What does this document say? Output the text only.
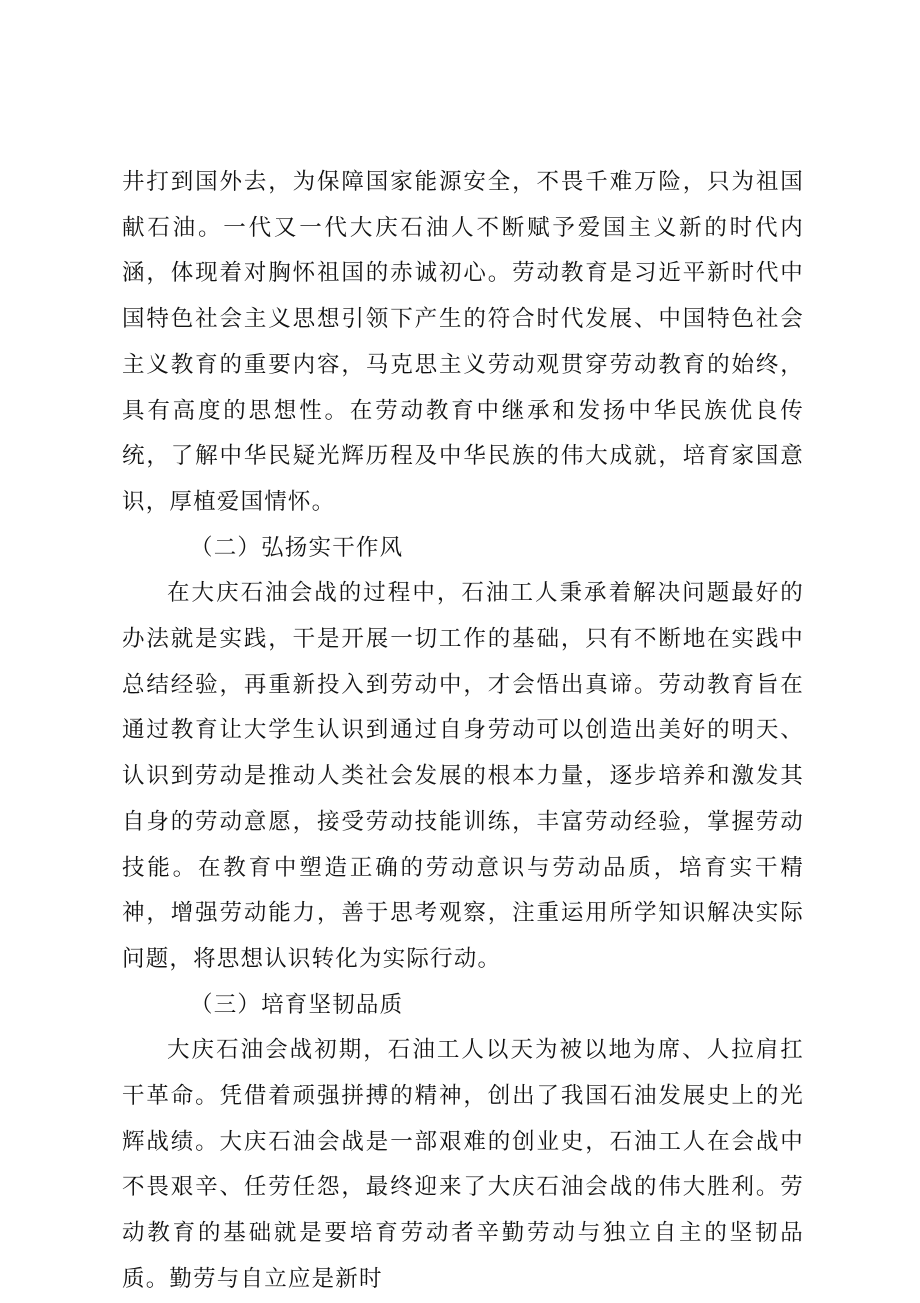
井打到国外去，为保障国家能源安全，不畏千难万险，只为祖国献石油。一代又一代大庆石油人不断赋予爱国主义新的时代内涵，体现着对胸怀祖国的赤诚初心。劳动教育是习近平新时代中国特色社会主义思想引领下产生的符合时代发展、中国特色社会主义教育的重要内容，马克思主义劳动观贯穿劳动教育的始终，具有高度的思想性。在劳动教育中继承和发扬中华民族优良传统，了解中华民疑光辉历程及中华民族的伟大成就，培育家国意识，厚植爱国情怀。

（二）弘扬实干作风

在大庆石油会战的过程中，石油工人秉承着解决问题最好的办法就是实践，干是开展一切工作的基础，只有不断地在实践中总结经验，再重新投入到劳动中，才会悟出真谛。劳动教育旨在通过教育让大学生认识到通过自身劳动可以创造出美好的明天、认识到劳动是推动人类社会发展的根本力量，逐步培养和激发其自身的劳动意愿，接受劳动技能训练，丰富劳动经验，掌握劳动技能。在教育中塑造正确的劳动意识与劳动品质，培育实干精神，增强劳动能力，善于思考观察，注重运用所学知识解决实际问题，将思想认识转化为实际行动。

（三）培育坚韧品质

大庆石油会战初期，石油工人以天为被以地为席、人拉肩扛干革命。凭借着顽强拼搏的精神，创出了我国石油发展史上的光辉战绩。大庆石油会战是一部艰难的创业史，石油工人在会战中不畏艰辛、任劳任怨，最终迎来了大庆石油会战的伟大胜利。劳动教育的基础就是要培育劳动者辛勤劳动与独立自主的坚韧品质。勤劳与自立应是新时
